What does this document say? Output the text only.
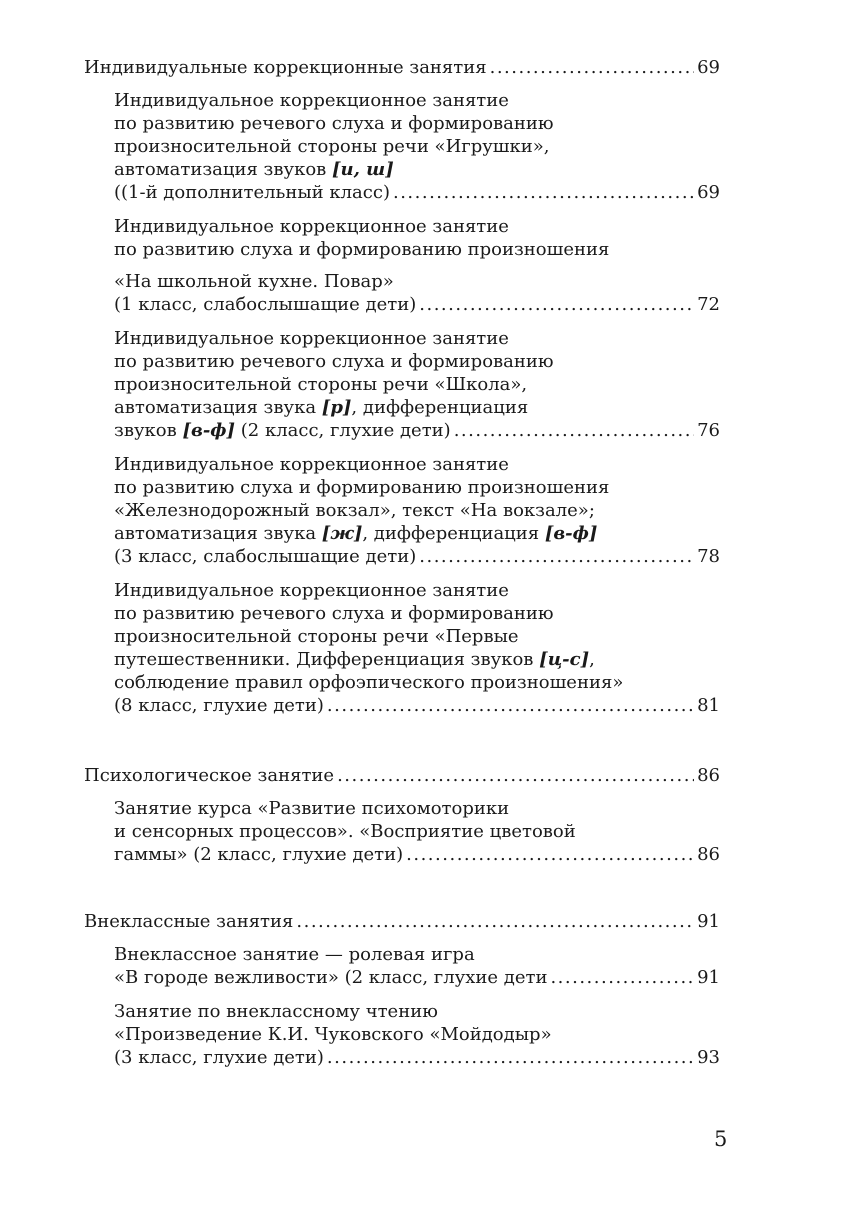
Индивидуальные коррекционные занятия .....	69
Индивидуальное коррекционное занятие
по развитию речевого слуха и формированию
произносительной стороны речи «Игрушки»,
автоматизация звуков [и, ш]
((1-й дополнительный класс) .....	69
Индивидуальное коррекционное занятие
по развитию слуха и формированию произношения
«На школьной кухне. Повар»
(1 класс, слабослышащие дети) .....	72
Индивидуальное коррекционное занятие
по развитию речевого слуха и формированию
произносительной стороны речи «Школа»,
автоматизация звука [р], дифференциация
звуков [в-ф] (2 класс, глухие дети) .....	76
Индивидуальное коррекционное занятие
по развитию слуха и формированию произношения
«Железнодорожный вокзал», текст «На вокзале»;
автоматизация звука [ж], дифференциация [в-ф]
(3 класс, слабослышащие дети) .....	78
Индивидуальное коррекционное занятие
по развитию речевого слуха и формированию
произносительной стороны речи «Первые
путешественники. Дифференциация звуков [ц-с],
соблюдение правил орфоэпического произношения»
(8 класс, глухие дети) .....	81
Психологическое занятие .....	86
Занятие курса «Развитие психомоторики
и сенсорных процессов». «Восприятие цветовой
гаммы» (2 класс, глухие дети) .....	86
Внеклассные занятия .....	91
Внеклассное занятие — ролевая игра
«В городе вежливости» (2 класс, глухие дети .....	91
Занятие по внеклассному чтению
«Произведение К.И. Чуковского «Мойдодыр»
(3 класс, глухие дети) .....	93
5
